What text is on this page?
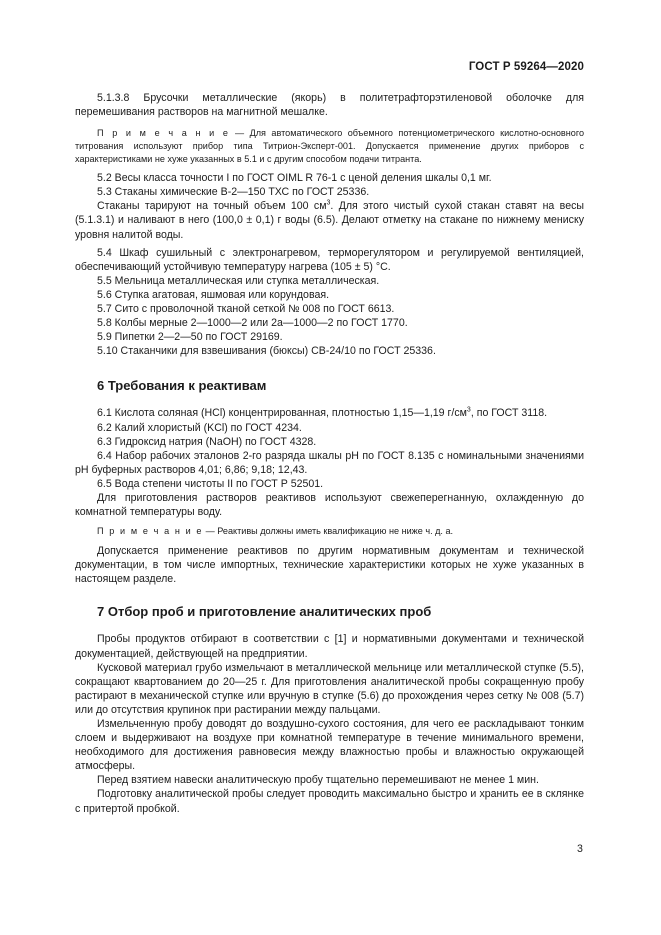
ГОСТ Р 59264—2020

5.1.3.8 Брусочки металлические (якорь) в политетрафторэтиленовой оболочке для перемешивания растворов на магнитной мешалке.

П р и м е ч а н и е — Для автоматического объемного потенциометрического кислотно-основного титрования используют прибор типа Титрион-Эксперт-001. Допускается применение других приборов с характеристиками не хуже указанных в 5.1 и с другим способом подачи титранта.

5.2 Весы класса точности I по ГОСТ OIML R 76-1 с ценой деления шкалы 0,1 мг.

5.3 Стаканы химические В-2—150 ТХС по ГОСТ 25336.

Стаканы тарируют на точный объем 100 $см^3$. Для этого чистый сухой стакан ставят на весы (5.1.3.1) и наливают в него (100,0 ± 0,1) г воды (6.5). Делают отметку на стакане по нижнему мениску уровня налитой воды.

5.4 Шкаф сушильный с электронагревом, терморегулятором и регулируемой вентиляцией, обеспечивающий устойчивую температуру нагрева (105 ± 5) °С.

5.5 Мельница металлическая или ступка металлическая.

5.6 Ступка агатовая, яшмовая или корундовая.

5.7 Сито с проволочной тканой сеткой № 008 по ГОСТ 6613.

5.8 Колбы мерные 2—1000—2 или 2а—1000—2 по ГОСТ 1770.

5.9 Пипетки 2—2—50 по ГОСТ 29169.

5.10 Стаканчики для взвешивания (бюксы) СВ-24/10 по ГОСТ 25336.

6 Требования к реактивам

6.1 Кислота соляная (HCl) концентрированная, плотностью 1,15—1,19 $г/см^3$, по ГОСТ 3118.

6.2 Калий хлористый (KCl) по ГОСТ 4234.

6.3 Гидроксид натрия (NaOH) по ГОСТ 4328.

6.4 Набор рабочих эталонов 2-го разряда шкалы рН по ГОСТ 8.135 с номинальными значениями рН буферных растворов 4,01; 6,86; 9,18; 12,43.

6.5 Вода степени чистоты II по ГОСТ Р 52501.

Для приготовления растворов реактивов используют свежеперегнанную, охлажденную до комнатной температуры воду.

П р и м е ч а н и е — Реактивы должны иметь квалификацию не ниже ч. д. а.

Допускается применение реактивов по другим нормативным документам и технической документации, в том числе импортных, технические характеристики которых не хуже указанных в настоящем разделе.

7 Отбор проб и приготовление аналитических проб

Пробы продуктов отбирают в соответствии с [1] и нормативными документами и технической документацией, действующей на предприятии.

Кусковой материал грубо измельчают в металлической мельнице или металлической ступке (5.5), сокращают квартованием до 20—25 г. Для приготовления аналитической пробы сокращенную пробу растирают в механической ступке или вручную в ступке (5.6) до прохождения через сетку № 008 (5.7) или до отсутствия крупинок при растирании между пальцами.

Измельченную пробу доводят до воздушно-сухого состояния, для чего ее раскладывают тонким слоем и выдерживают на воздухе при комнатной температуре в течение минимального времени, необходимого для достижения равновесия между влажностью пробы и влажностью окружающей атмосферы.

Перед взятием навески аналитическую пробу тщательно перемешивают не менее 1 мин.

Подготовку аналитической пробы следует проводить максимально быстро и хранить ее в склянке с притертой пробкой.

3
